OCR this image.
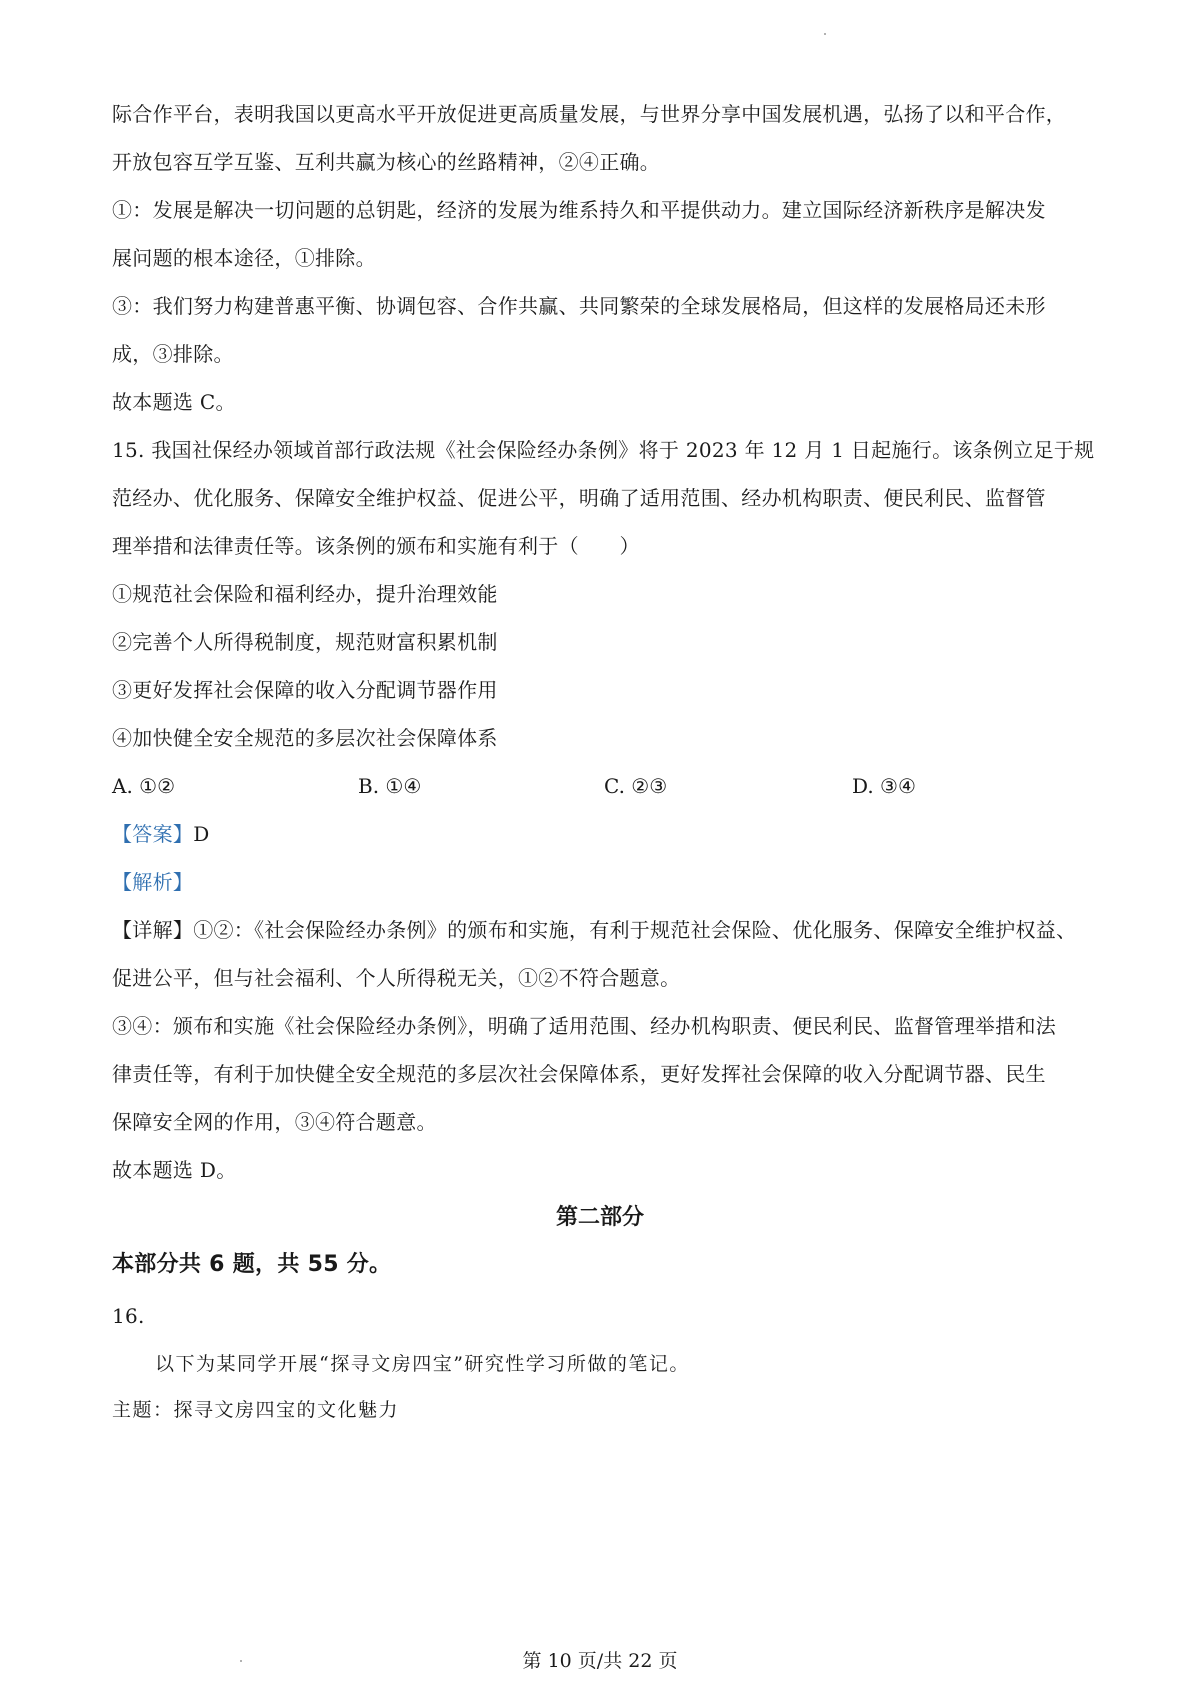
际合作平台，表明我国以更高水平开放促进更高质量发展，与世界分享中国发展机遇，弘扬了以和平合作，
开放包容互学互鉴、互利共赢为核心的丝路精神，②④正确。
①：发展是解决一切问题的总钥匙，经济的发展为维系持久和平提供动力。建立国际经济新秩序是解决发
展问题的根本途径，①排除。
③：我们努力构建普惠平衡、协调包容、合作共赢、共同繁荣的全球发展格局，但这样的发展格局还未形
成，③排除。
故本题选 C。
15. 我国社保经办领域首部行政法规《社会保险经办条例》将于 2023 年 12 月 1 日起施行。该条例立足于规
范经办、优化服务、保障安全维护权益、促进公平，明确了适用范围、经办机构职责、便民利民、监督管
理举措和法律责任等。该条例的颁布和实施有利于（　　）
①规范社会保险和福利经办，提升治理效能
②完善个人所得税制度，规范财富积累机制
③更好发挥社会保障的收入分配调节器作用
④加快健全安全规范的多层次社会保障体系
A. ①②	B. ①④	C. ②③	D. ③④
【答案】D
【解析】
【详解】①②：《社会保险经办条例》的颁布和实施，有利于规范社会保险、优化服务、保障安全维护权益、
促进公平，但与社会福利、个人所得税无关，①②不符合题意。
③④：颁布和实施《社会保险经办条例》，明确了适用范围、经办机构职责、便民利民、监督管理举措和法
律责任等，有利于加快健全安全规范的多层次社会保障体系，更好发挥社会保障的收入分配调节器、民生
保障安全网的作用，③④符合题意。
故本题选 D。
第二部分
本部分共 6 题，共 55 分。
16.
以下为某同学开展“探寻文房四宝”研究性学习所做的笔记。
主题：探寻文房四宝的文化魅力
第 10 页/共 22 页
